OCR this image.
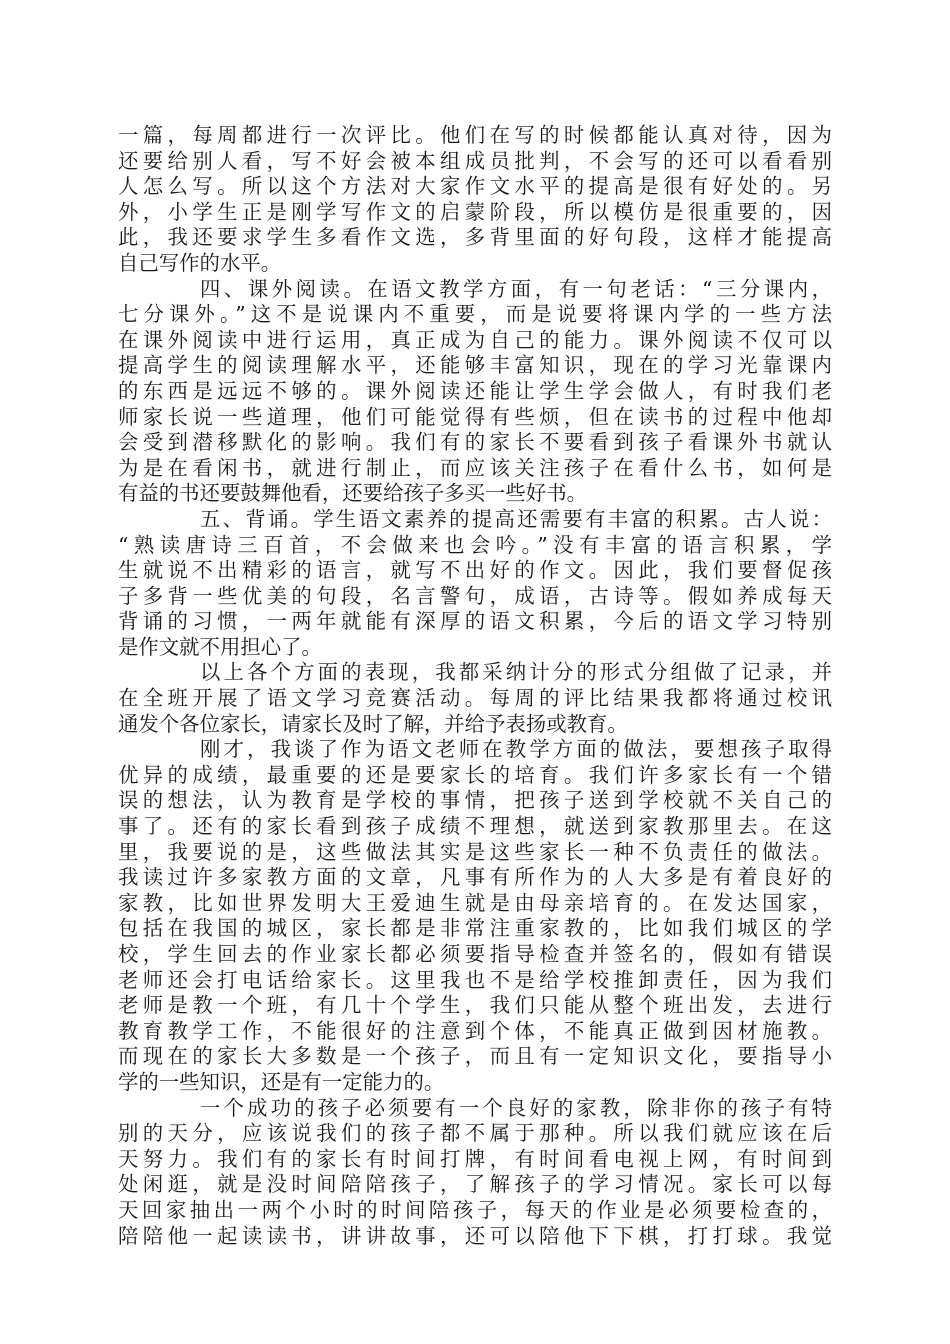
一篇，每周都进行一次评比。他们在写的时候都能认真对待，因为
还要给别人看，写不好会被本组成员批判，不会写的还可以看看别
人怎么写。所以这个方法对大家作文水平的提高是很有好处的。另
外，小学生正是刚学写作文的启蒙阶段，所以模仿是很重要的，因
此，我还要求学生多看作文选，多背里面的好句段，这样才能提高
自己写作的水平。
四、课外阅读。在语文教学方面，有一句老话：“三分课内，
七分课外。”这不是说课内不重要，而是说要将课内学的一些方法
在课外阅读中进行运用，真正成为自己的能力。课外阅读不仅可以
提高学生的阅读理解水平，还能够丰富知识，现在的学习光靠课内
的东西是远远不够的。课外阅读还能让学生学会做人，有时我们老
师家长说一些道理，他们可能觉得有些烦，但在读书的过程中他却
会受到潜移默化的影响。我们有的家长不要看到孩子看课外书就认
为是在看闲书，就进行制止，而应该关注孩子在看什么书，如何是
有益的书还要鼓舞他看，还要给孩子多买一些好书。
五、背诵。学生语文素养的提高还需要有丰富的积累。古人说：
“熟读唐诗三百首，不会做来也会吟。”没有丰富的语言积累，学
生就说不出精彩的语言，就写不出好的作文。因此，我们要督促孩
子多背一些优美的句段，名言警句，成语，古诗等。假如养成每天
背诵的习惯，一两年就能有深厚的语文积累，今后的语文学习特别
是作文就不用担心了。
以上各个方面的表现，我都采纳计分的形式分组做了记录，并
在全班开展了语文学习竞赛活动。每周的评比结果我都将通过校讯
通发个各位家长，请家长及时了解，并给予表扬或教育。
刚才，我谈了作为语文老师在教学方面的做法，要想孩子取得
优异的成绩，最重要的还是要家长的培育。我们许多家长有一个错
误的想法，认为教育是学校的事情，把孩子送到学校就不关自己的
事了。还有的家长看到孩子成绩不理想，就送到家教那里去。在这
里，我要说的是，这些做法其实是这些家长一种不负责任的做法。
我读过许多家教方面的文章，凡事有所作为的人大多是有着良好的
家教，比如世界发明大王爱迪生就是由母亲培育的。在发达国家，
包括在我国的城区，家长都是非常注重家教的，比如我们城区的学
校，学生回去的作业家长都必须要指导检查并签名的，假如有错误
老师还会打电话给家长。这里我也不是给学校推卸责任，因为我们
老师是教一个班，有几十个学生，我们只能从整个班出发，去进行
教育教学工作，不能很好的注意到个体，不能真正做到因材施教。
而现在的家长大多数是一个孩子，而且有一定知识文化，要指导小
学的一些知识，还是有一定能力的。
一个成功的孩子必须要有一个良好的家教，除非你的孩子有特
别的天分，应该说我们的孩子都不属于那种。所以我们就应该在后
天努力。我们有的家长有时间打牌，有时间看电视上网，有时间到
处闲逛，就是没时间陪陪孩子，了解孩子的学习情况。家长可以每
天回家抽出一两个小时的时间陪孩子，每天的作业是必须要检查的，
陪陪他一起读读书，讲讲故事，还可以陪他下下棋，打打球。我觉
